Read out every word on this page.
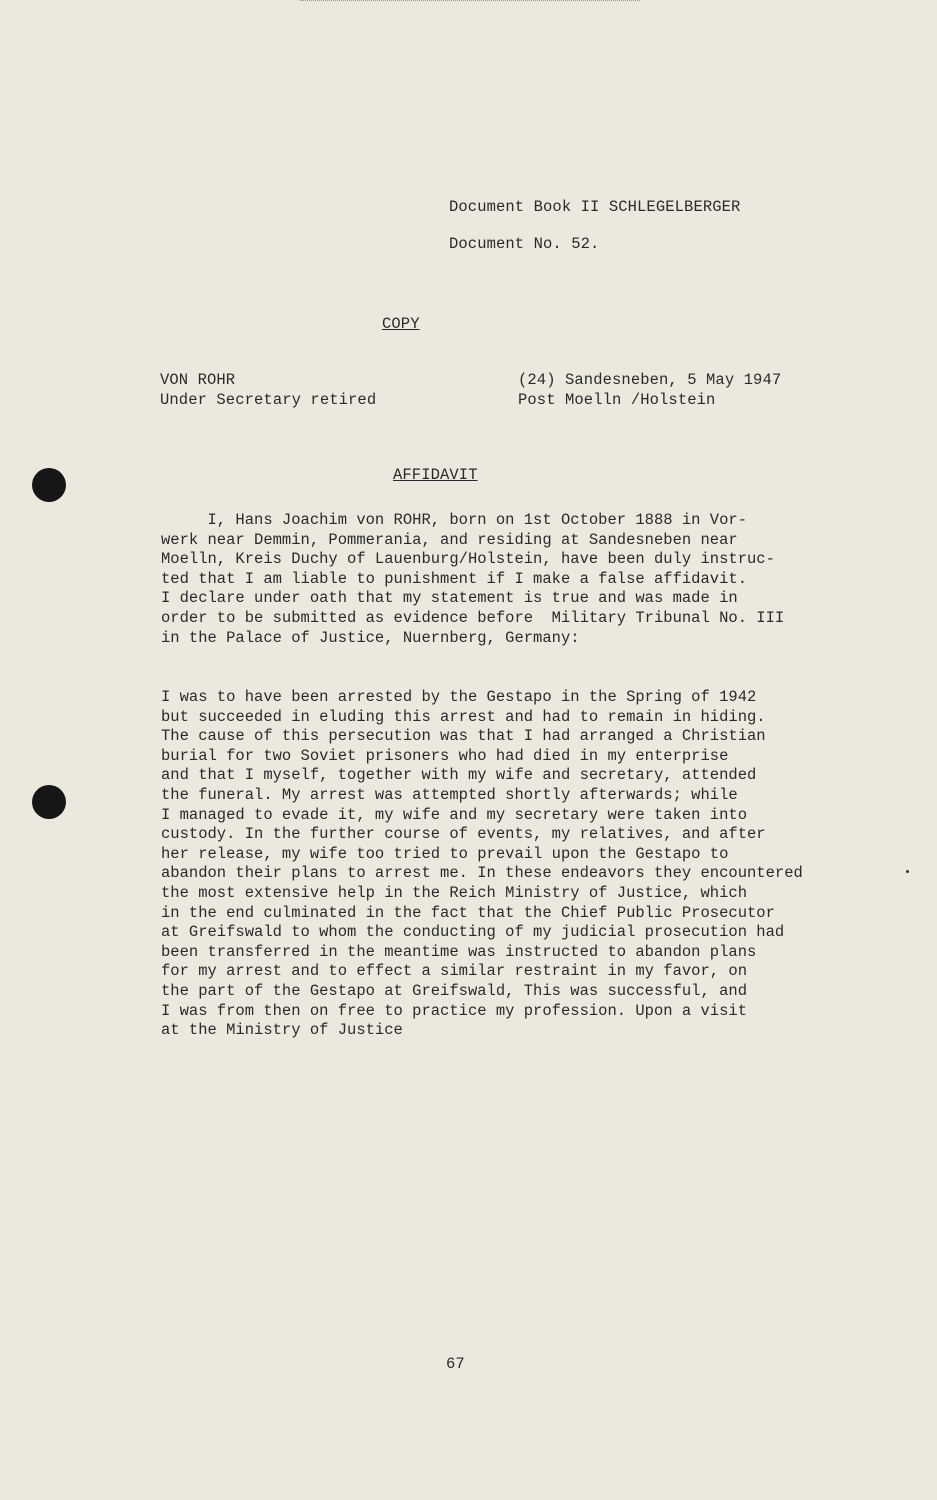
Document Book II SCHLEGELBERGER
Document No. 52.
COPY
VON ROHR
Under Secretary retired
(24) Sandesneben, 5 May 1947
Post Moelln /Holstein
AFFIDAVIT
I, Hans Joachim von ROHR, born on 1st October 1888 in Vor-
werk near Demmin, Pommerania, and residing at Sandesneben near
Moelln, Kreis Duchy of Lauenburg/Holstein, have been duly instruc-
ted that I am liable to punishment if I make a false affidavit.
I declare under oath that my statement is true and was made in
order to be submitted as evidence before  Military Tribunal No. III
in the Palace of Justice, Nuernberg, Germany:
I was to have been arrested by the Gestapo in the Spring of 1942
but succeeded in eluding this arrest and had to remain in hiding.
The cause of this persecution was that I had arranged a Christian
burial for two Soviet prisoners who had died in my enterprise
and that I myself, together with my wife and secretary, attended
the funeral. My arrest was attempted shortly afterwards; while
I managed to evade it, my wife and my secretary were taken into
custody. In the further course of events, my relatives, and after
her release, my wife too tried to prevail upon the Gestapo to
abandon their plans to arrest me. In these endeavors they encountered
the most extensive help in the Reich Ministry of Justice, which
in the end culminated in the fact that the Chief Public Prosecutor
at Greifswald to whom the conducting of my judicial prosecution had
been transferred in the meantime was instructed to abandon plans
for my arrest and to effect a similar restraint in my favor, on
the part of the Gestapo at Greifswald, This was successful, and
I was from then on free to practice my profession. Upon a visit
at the Ministry of Justice
67
